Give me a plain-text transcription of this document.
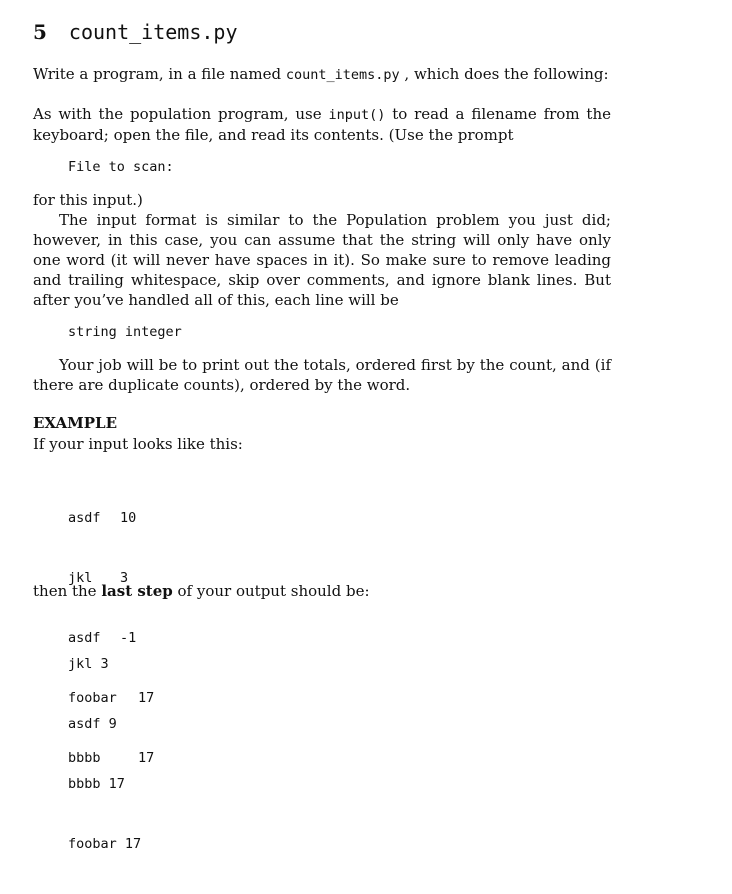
5 count_items.py
Write a program, in a file named count_items.py , which does the following:
As with the population program, use input() to read a filename from the keyboard; open the file, and read its contents. (Use the prompt
File to scan:
for this input.)
The input format is similar to the Population problem you just did; however, in this case, you can assume that the string will only have only one word (it will never have spaces in it). So make sure to remove leading and trailing whitespace, skip over comments, and ignore blank lines. But after you’ve handled all of this, each line will be
string integer
Your job will be to print out the totals, ordered first by the count, and (if there are duplicate counts), ordered by the word.
EXAMPLE
If your input looks like this:

asdf 10

jkl 3

asdf -1

foobar 17

bbbb	17

then the last step of your output should be:

jkl 3

asdf 9

bbbb 17

foobar 17
